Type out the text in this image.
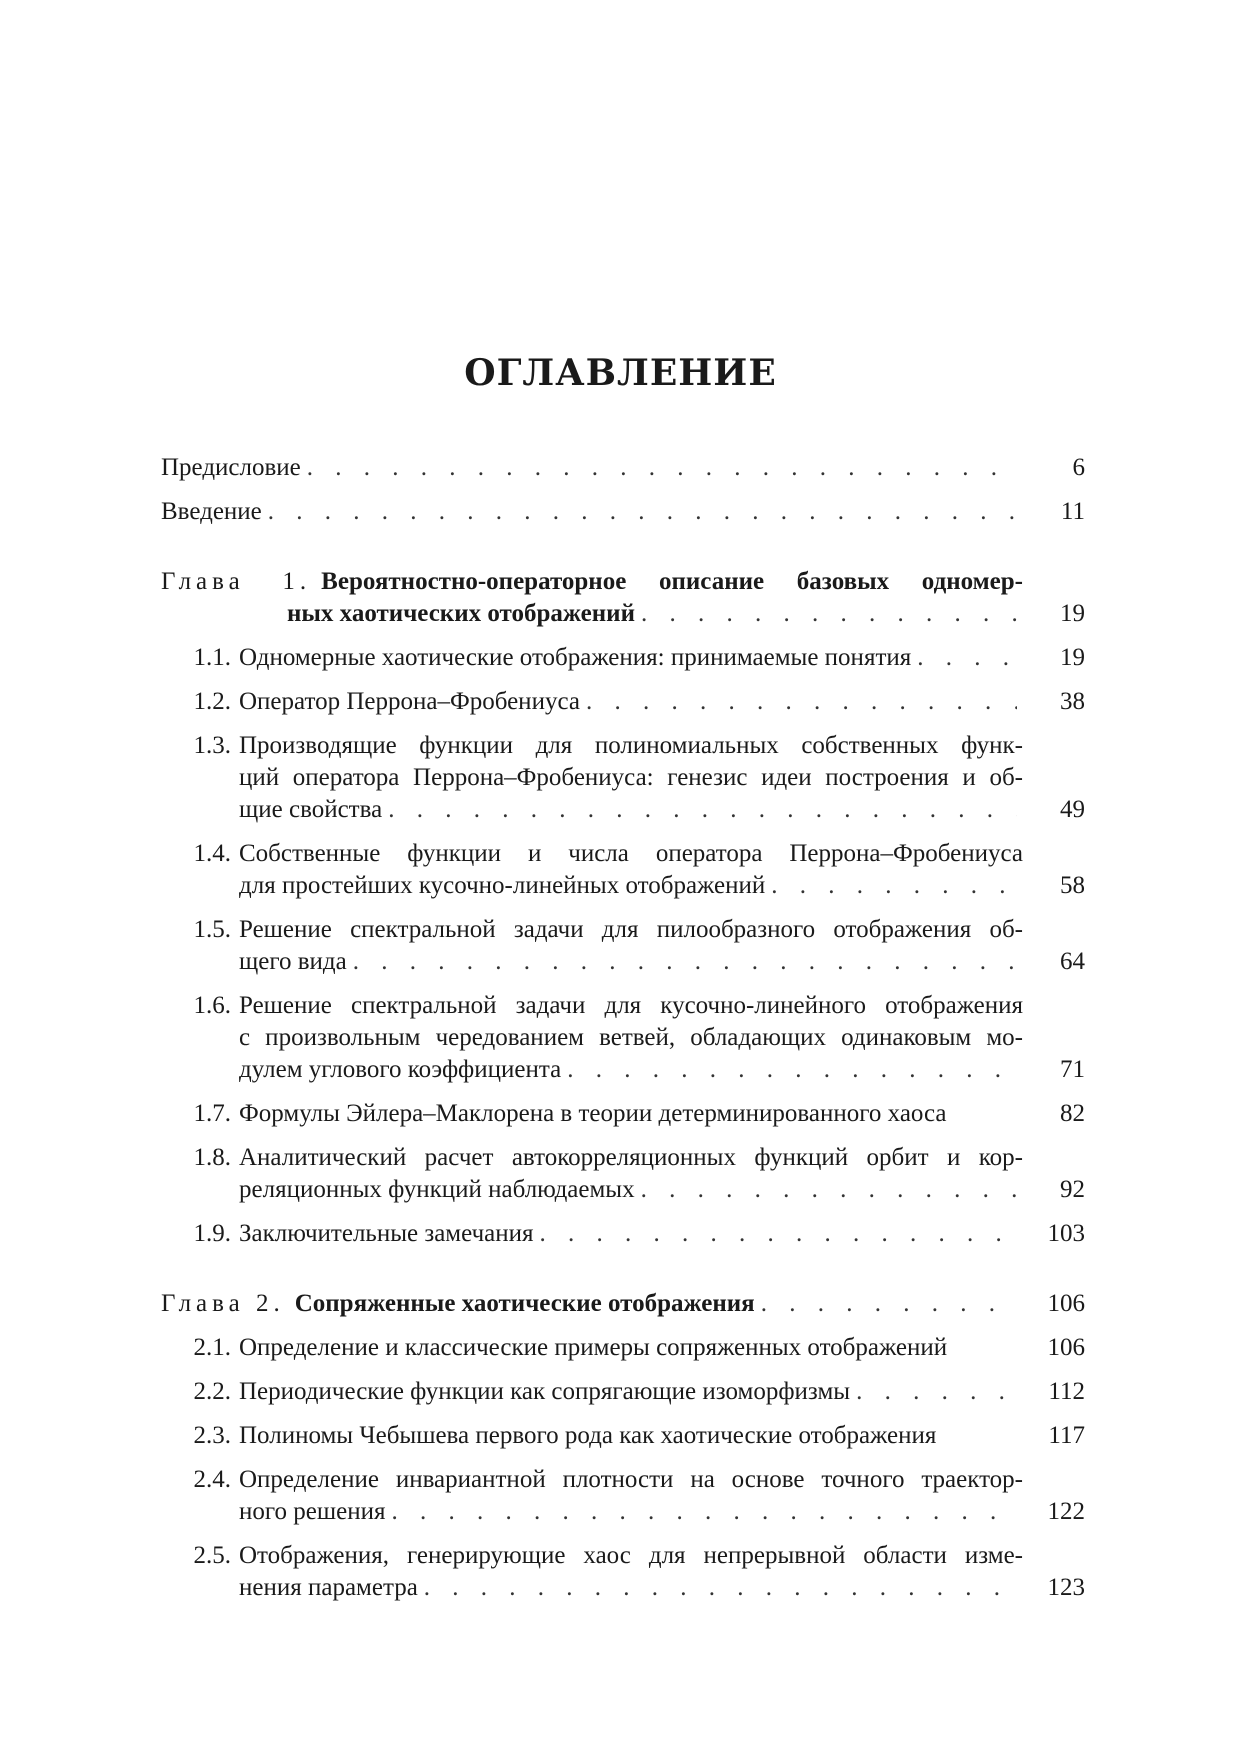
ОГЛАВЛЕНИЕ
Предисловие . . .	6
Введение . . .	11
Глава 1. Вероятностно-операторное описание базовых одномер-
ных хаотических отображений . . .	19
1.1. Одномерные хаотические отображения: принимаемые понятия . . .	19
1.2. Оператор Перрона–Фробениуса . . .	38
1.3. Производящие функции для полиномиальных собственных функ-
ций оператора Перрона–Фробениуса: генезис идеи построения и об-
щие свойства . . .	49
1.4. Собственные функции и числа оператора Перрона–Фробениуса
для простейших кусочно-линейных отображений . . .	58
1.5. Решение спектральной задачи для пилообразного отображения об-
щего вида . . .	64
1.6. Решение спектральной задачи для кусочно-линейного отображения
с произвольным чередованием ветвей, обладающих одинаковым мо-
дулем углового коэффициента . . .	71
1.7. Формулы Эйлера–Маклорена в теории детерминированного хаоса	82
1.8. Аналитический расчет автокорреляционных функций орбит и кор-
реляционных функций наблюдаемых . . .	92
1.9. Заключительные замечания . . .	103
Глава 2. Сопряженные хаотические отображения . . .	106
2.1. Определение и классические примеры сопряженных отображений	106
2.2. Периодические функции как сопрягающие изоморфизмы . . .	112
2.3. Полиномы Чебышева первого рода как хаотические отображения	117
2.4. Определение инвариантной плотности на основе точного траектор-
ного решения . . .	122
2.5. Отображения, генерирующие хаос для непрерывной области изме-
нения параметра . . .	123
